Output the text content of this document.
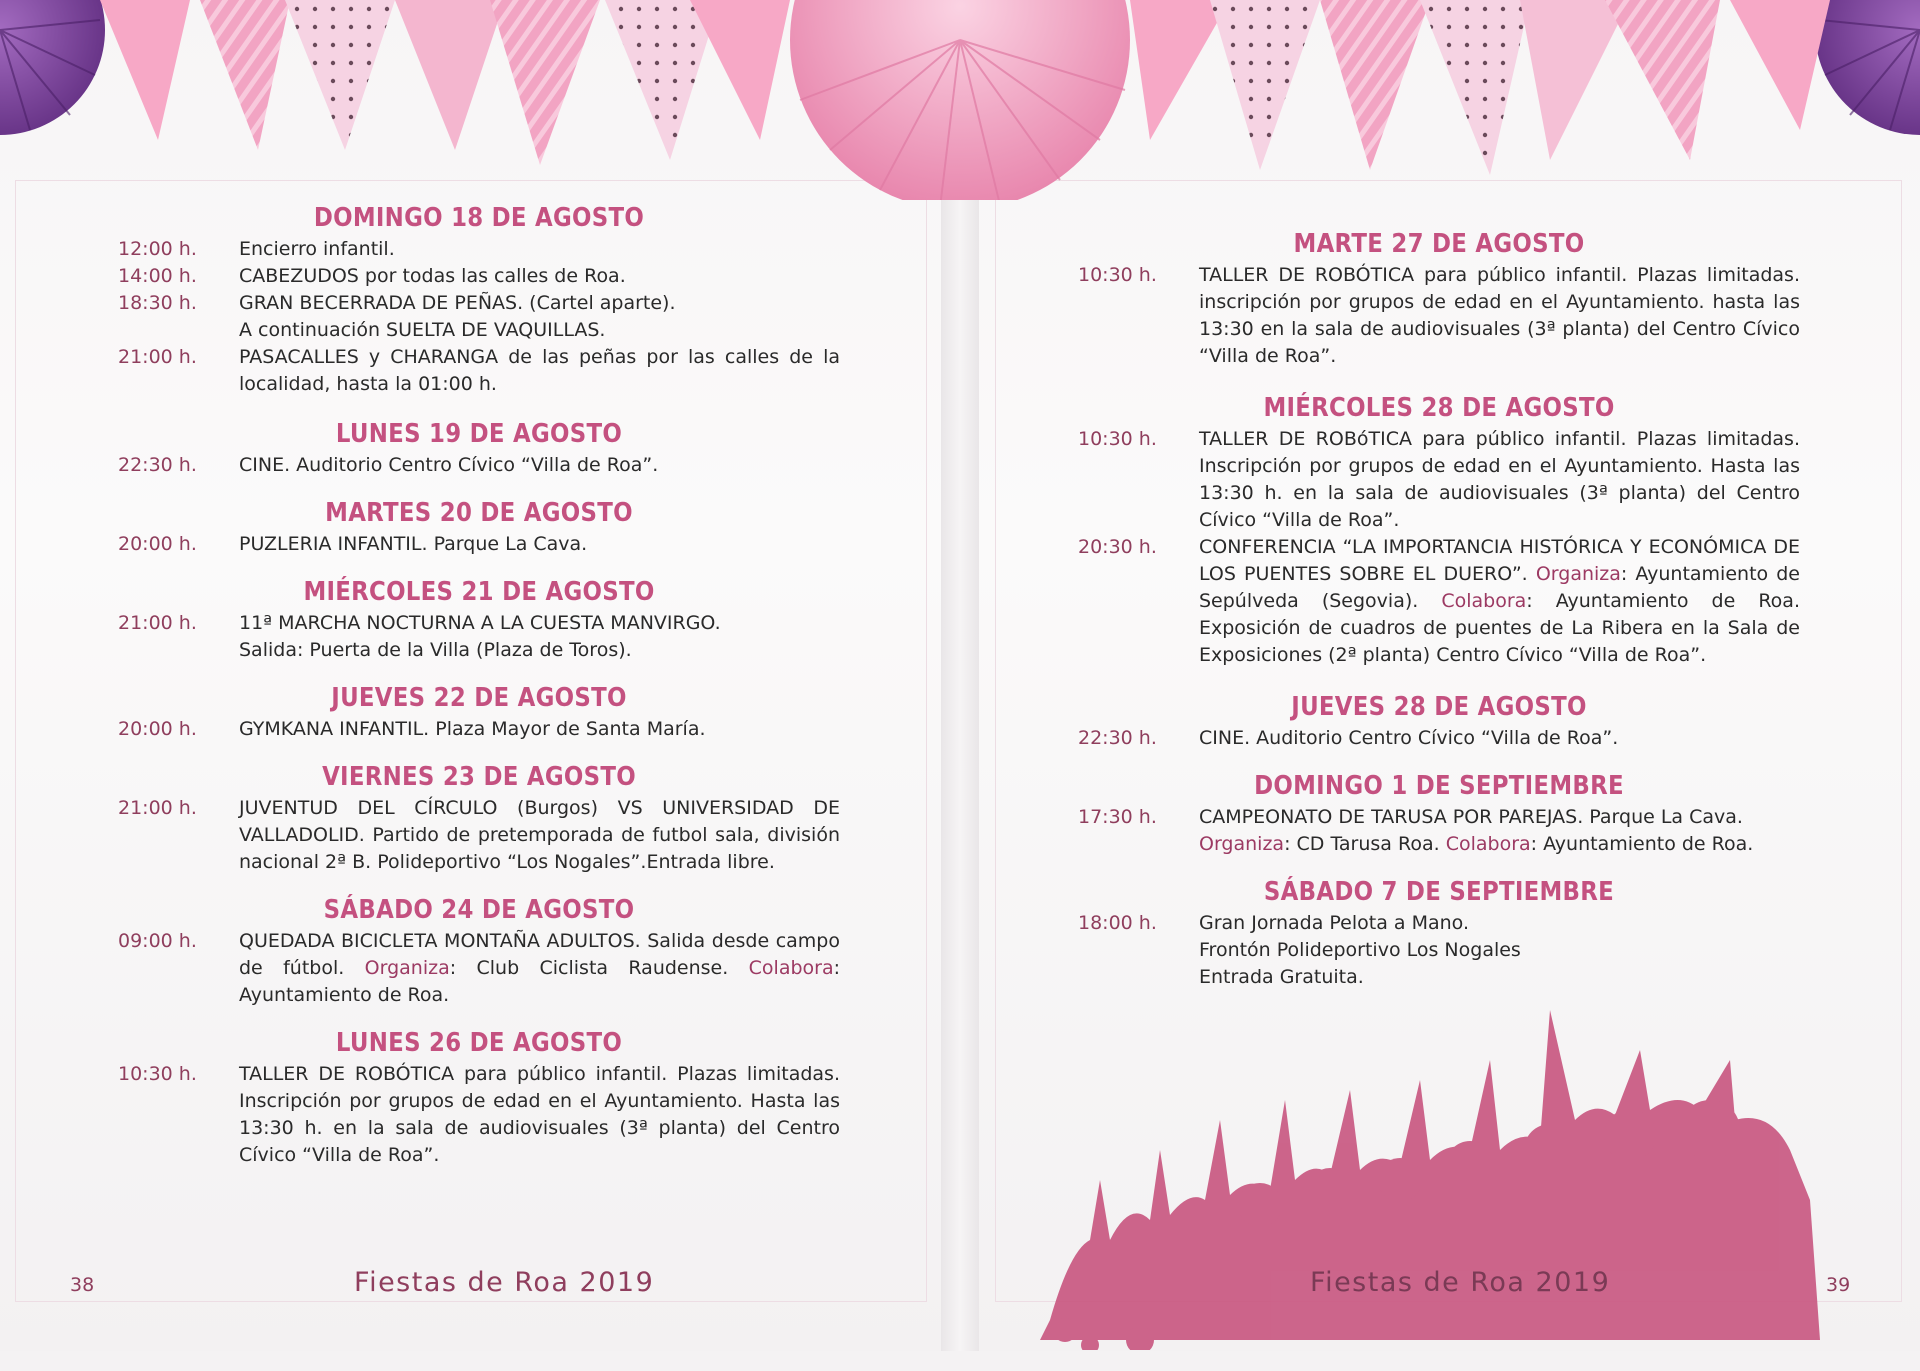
DOMINGO 18 DE AGOSTO
12:00 h.	Encierro infantil.
14:00 h.	CABEZUDOS por todas las calles de Roa.
18:30 h.	GRAN BECERRADA DE PEÑAS. (Cartel aparte).
A continuación SUELTA DE VAQUILLAS.
21:00 h.	PASACALLES y CHARANGA de las peñas por las calles de la localidad, hasta la 01:00 h.
LUNES 19 DE AGOSTO
22:30 h.	CINE. Auditorio Centro Cívico “Villa de Roa”.
MARTES 20 DE AGOSTO
20:00 h.	PUZLERIA INFANTIL. Parque La Cava.
MIÉRCOLES 21 DE AGOSTO
21:00 h.	11ª MARCHA NOCTURNA A LA CUESTA MANVIRGO.
Salida: Puerta de la Villa (Plaza de Toros).
JUEVES 22 DE AGOSTO
20:00 h.	GYMKANA INFANTIL. Plaza Mayor de Santa María.
VIERNES 23 DE AGOSTO
21:00 h.	JUVENTUD DEL CÍRCULO (Burgos) VS UNIVERSIDAD DE VALLADOLID. Partido de pretemporada de futbol sala, división nacional 2ª B. Polideportivo “Los Nogales”.Entrada libre.
SÁBADO 24 DE AGOSTO
09:00 h.	QUEDADA BICICLETA MONTAÑA ADULTOS. Salida desde campo de fútbol. Organiza: Club Ciclista Raudense. Colabora: Ayuntamiento de Roa.
LUNES 26 DE AGOSTO
10:30 h.	TALLER DE ROBÓTICA para público infantil. Plazas limitadas. Inscripción por grupos de edad en el Ayuntamiento. Hasta las 13:30 h. en la sala de audiovisuales (3ª planta) del Centro Cívico “Villa de Roa”.
MARTE 27 DE AGOSTO
10:30 h.	TALLER DE ROBÓTICA para público infantil. Plazas limitadas. inscripción por grupos de edad en el Ayuntamiento. hasta las 13:30 en la sala de audiovisuales (3ª planta) del Centro Cívico “Villa de Roa”.
MIÉRCOLES 28 DE AGOSTO
10:30 h.	TALLER DE ROBóTICA para público infantil. Plazas limitadas. Inscripción por grupos de edad en el Ayuntamiento. Hasta las 13:30 h. en la sala de audiovisuales (3ª planta) del Centro Cívico “Villa de Roa”.
20:30 h.	CONFERENCIA “LA IMPORTANCIA HISTÓRICA Y ECONÓMICA DE LOS PUENTES SOBRE EL DUERO”. Organiza: Ayuntamiento de Sepúlveda (Segovia). Colabora: Ayuntamiento de Roa. Exposición de cuadros de puentes de La Ribera en la Sala de Exposiciones (2ª planta) Centro Cívico “Villa de Roa”.
JUEVES 28 DE AGOSTO
22:30 h.	CINE. Auditorio Centro Cívico “Villa de Roa”.
DOMINGO 1 DE SEPTIEMBRE
17:30 h.	CAMPEONATO DE TARUSA POR PAREJAS. Parque La Cava.
Organiza: CD Tarusa Roa. Colabora: Ayuntamiento de Roa.
SÁBADO 7 DE SEPTIEMBRE
18:00 h.	Gran Jornada Pelota a Mano.
Frontón Polideportivo Los Nogales
Entrada Gratuita.
Fiestas de Roa 2019
38	Fiestas de Roa 2019	39
